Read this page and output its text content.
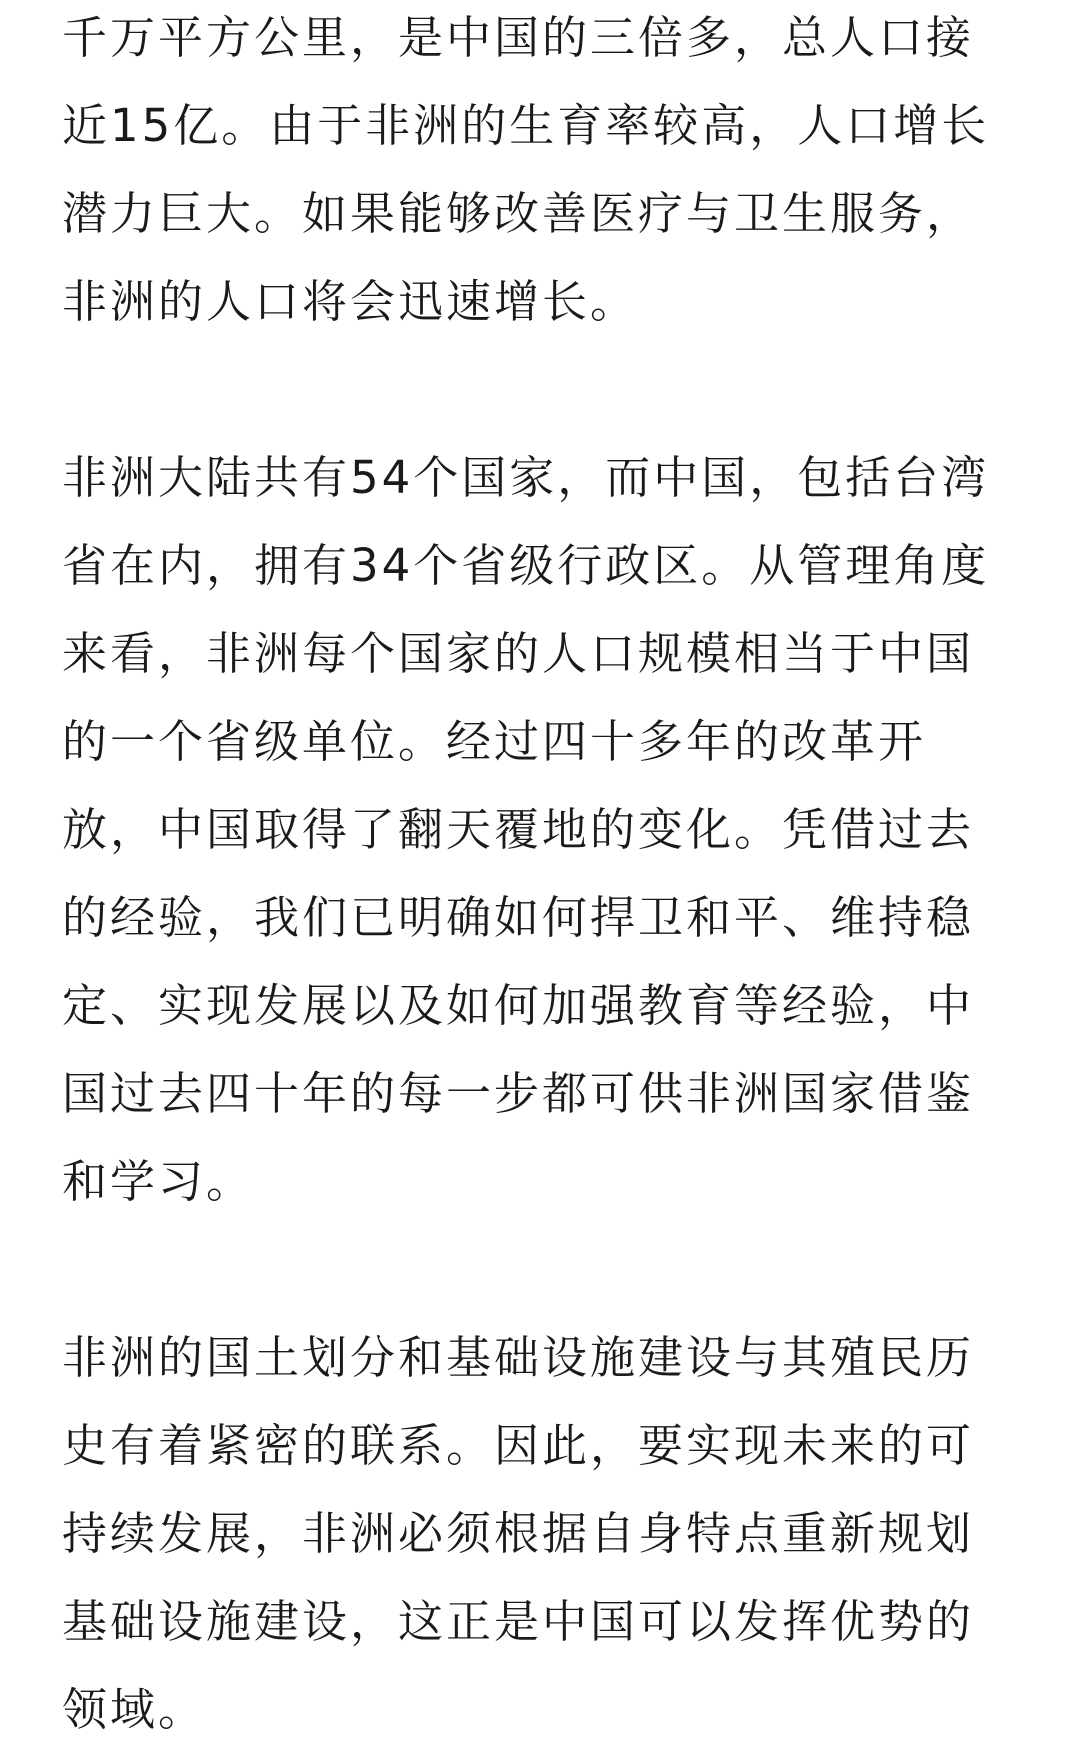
千万平方公里，是中国的三倍多，总人口接
近15亿。由于非洲的生育率较高，人口增长
潜力巨大。如果能够改善医疗与卫生服务，
非洲的人口将会迅速增长。
非洲大陆共有54个国家，而中国，包括台湾
省在内，拥有34个省级行政区。从管理角度
来看，非洲每个国家的人口规模相当于中国
的一个省级单位。经过四十多年的改革开
放，中国取得了翻天覆地的变化。凭借过去
的经验，我们已明确如何捍卫和平、维持稳
定、实现发展以及如何加强教育等经验，中
国过去四十年的每一步都可供非洲国家借鉴
和学习。
非洲的国土划分和基础设施建设与其殖民历
史有着紧密的联系。因此，要实现未来的可
持续发展，非洲必须根据自身特点重新规划
基础设施建设，这正是中国可以发挥优势的
领域。
